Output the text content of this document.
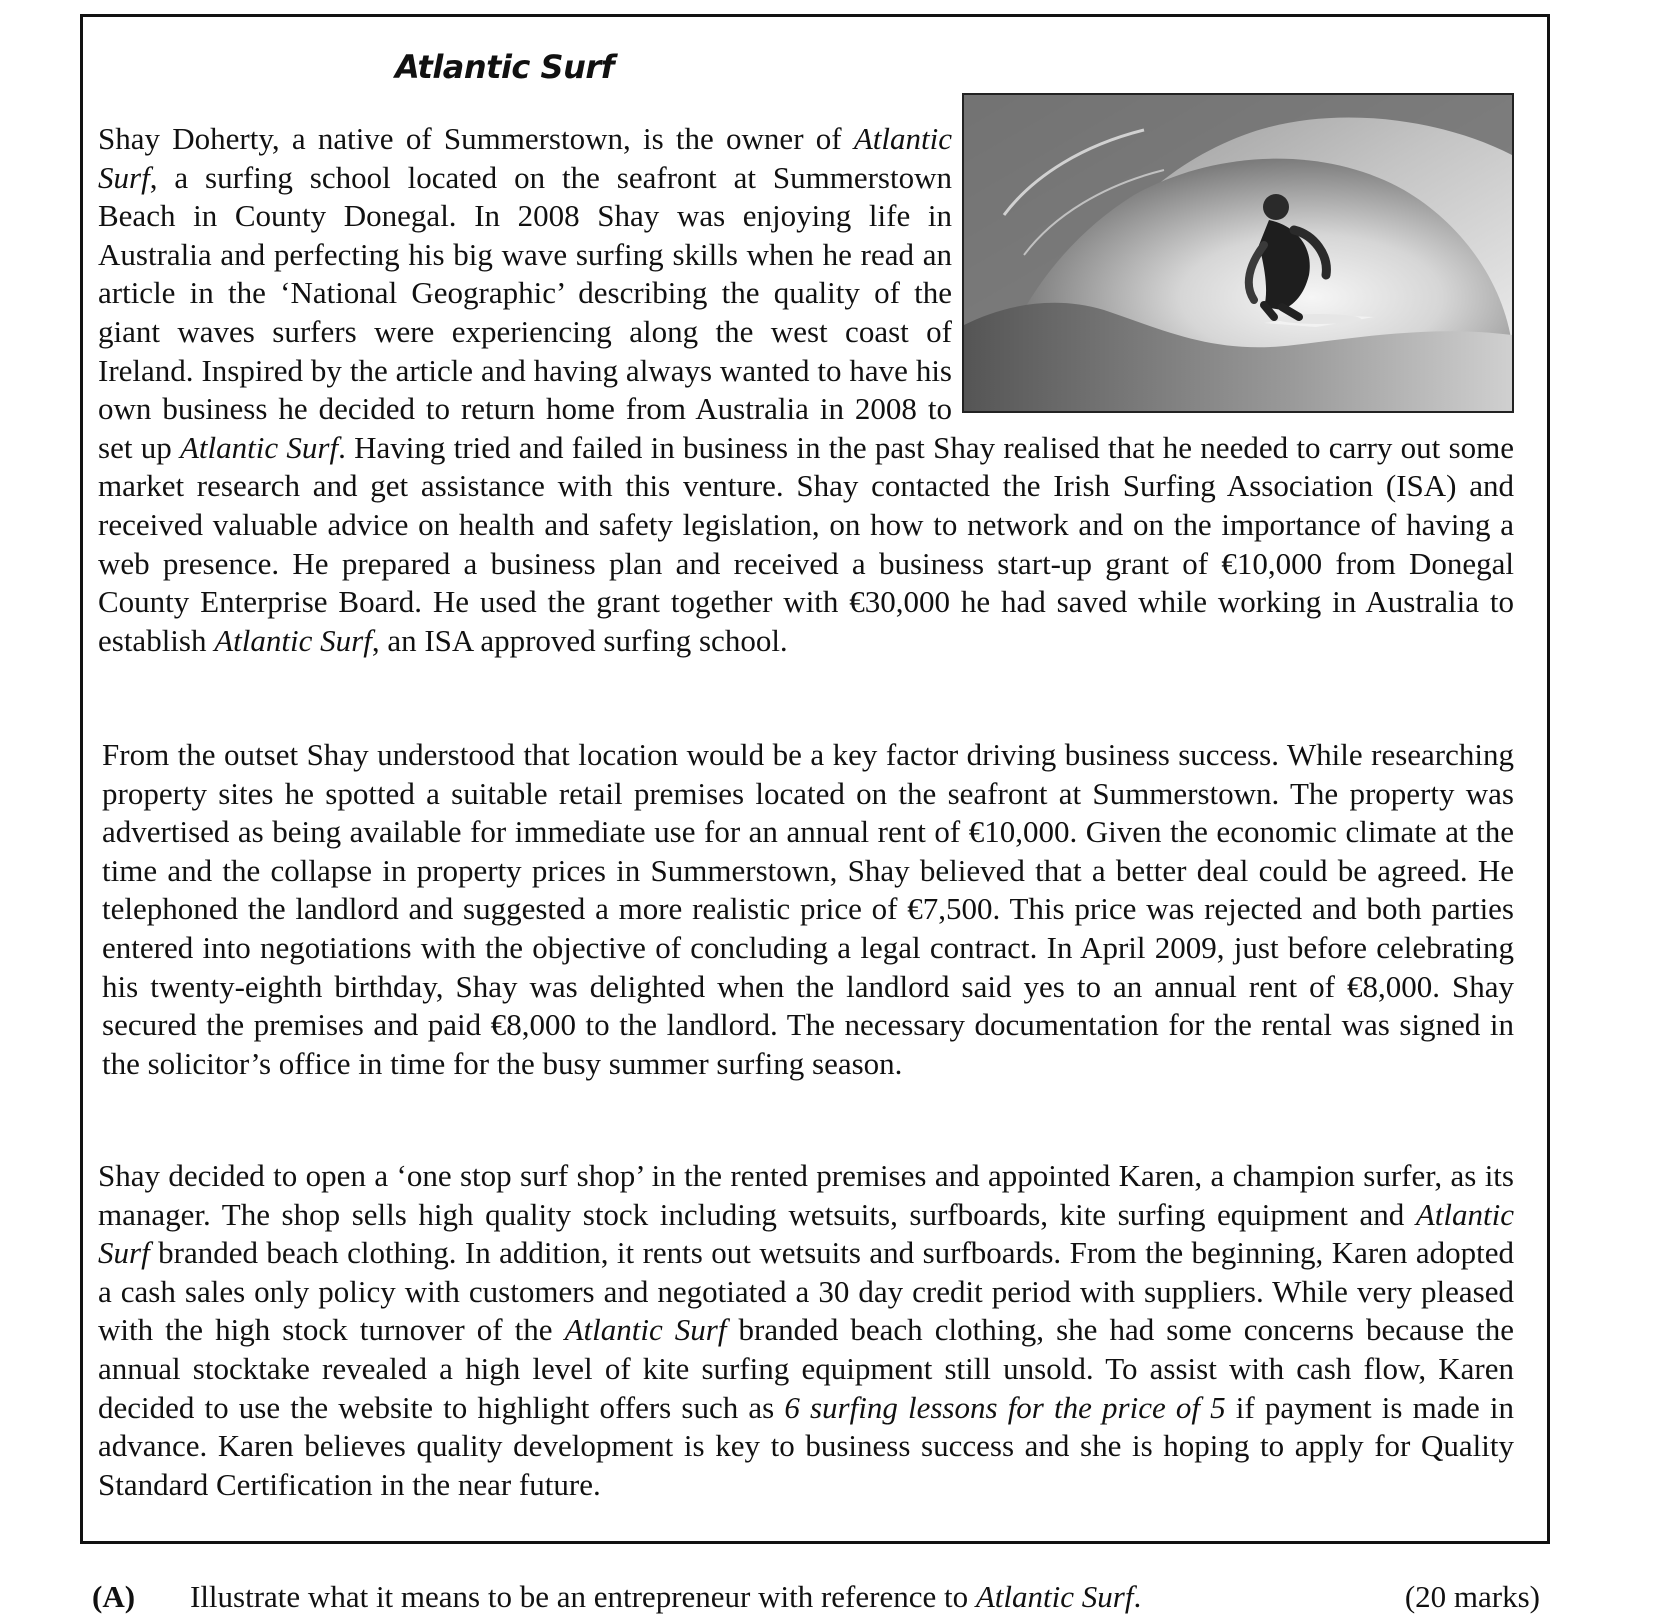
Atlantic Surf

Shay Doherty, a native of Summerstown, is the owner of Atlantic Surf, a surfing school located on the seafront at Summerstown Beach in County Donegal. In 2008 Shay was enjoying life in Australia and perfecting his big wave surfing skills when he read an article in the ‘National Geographic’ describing the quality of the giant waves surfers were experiencing along the west coast of Ireland. Inspired by the article and having always wanted to have his own business he decided to return home from Australia in 2008 to set up Atlantic Surf. Having tried and failed in business in the past Shay realised that he needed to carry out some market research and get assistance with this venture. Shay contacted the Irish Surfing Association (ISA) and received valuable advice on health and safety legislation, on how to network and on the importance of having a web presence. He prepared a business plan and received a business start-up grant of €10,000 from Donegal County Enterprise Board. He used the grant together with €30,000 he had saved while working in Australia to establish Atlantic Surf, an ISA approved surfing school.

From the outset Shay understood that location would be a key factor driving business success. While researching property sites he spotted a suitable retail premises located on the seafront at Summerstown. The property was advertised as being available for immediate use for an annual rent of €10,000. Given the economic climate at the time and the collapse in property prices in Summerstown, Shay believed that a better deal could be agreed. He telephoned the landlord and suggested a more realistic price of €7,500. This price was rejected and both parties entered into negotiations with the objective of concluding a legal contract. In April 2009, just before celebrating his twenty-eighth birthday, Shay was delighted when the landlord said yes to an annual rent of €8,000. Shay secured the premises and paid €8,000 to the landlord. The necessary documentation for the rental was signed in the solicitor’s office in time for the busy summer surfing season.

Shay decided to open a ‘one stop surf shop’ in the rented premises and appointed Karen, a champion surfer, as its manager. The shop sells high quality stock including wetsuits, surfboards, kite surfing equipment and Atlantic Surf branded beach clothing. In addition, it rents out wetsuits and surfboards. From the beginning, Karen adopted a cash sales only policy with customers and negotiated a 30 day credit period with suppliers. While very pleased with the high stock turnover of the Atlantic Surf branded beach clothing, she had some concerns because the annual stocktake revealed a high level of kite surfing equipment still unsold. To assist with cash flow, Karen decided to use the website to highlight offers such as 6 surfing lessons for the price of 5 if payment is made in advance. Karen believes quality development is key to business success and she is hoping to apply for Quality Standard Certification in the near future.

(A) Illustrate what it means to be an entrepreneur with reference to Atlantic Surf.	(20 marks)
